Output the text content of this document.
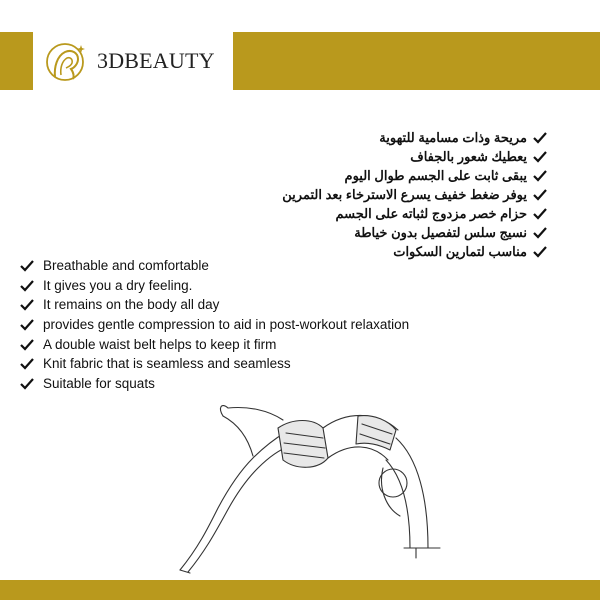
3DBEAUTY
مريحة وذات مسامية للتهوية
يعطيك شعور بالجفاف
يبقى ثابت على الجسم طوال اليوم
يوفر ضغط خفيف يسرع الاسترخاء بعد التمرين
حزام خصر مزدوج لثباته على الجسم
نسيج سلس لتفصيل بدون خياطة
مناسب لتمارين السكوات
Breathable and comfortable
It gives you a dry feeling.
It remains on the body all day
provides gentle compression to aid in post-workout relaxation
A double waist belt helps to keep it firm
Knit fabric that is seamless and seamless
Suitable for squats
